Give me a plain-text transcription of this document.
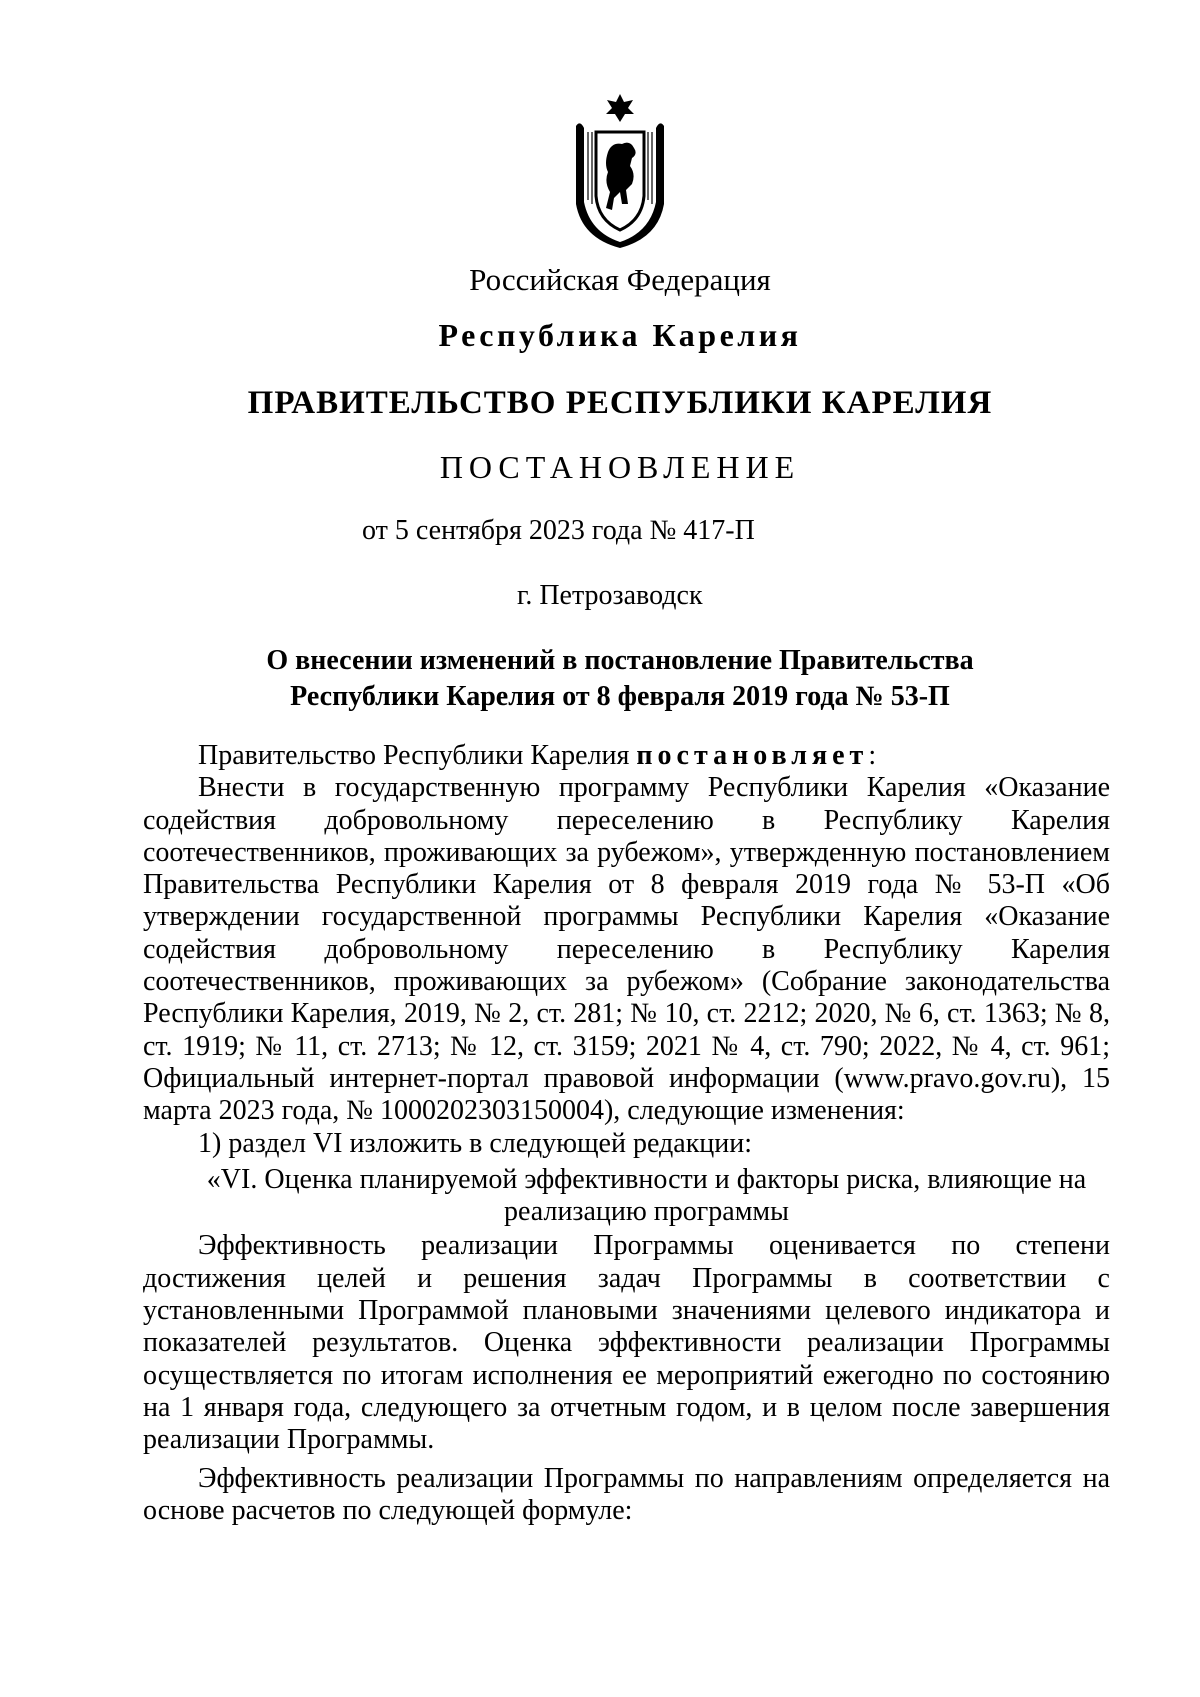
Российская Федерация
Республика Карелия
ПРАВИТЕЛЬСТВО РЕСПУБЛИКИ КАРЕЛИЯ
ПОСТАНОВЛЕНИЕ
от 5 сентября 2023 года № 417-П
г. Петрозаводск
О внесении изменений в постановление Правительства
Республики Карелия от 8 февраля 2019 года № 53-П

Правительство Республики Карелия постановляет:

Внести в государственную программу Республики Карелия «Оказание содействия добровольному переселению в Республику Карелия соотечественников, проживающих за рубежом», утвержденную постановлением Правительства Республики Карелия от 8 февраля 2019 года № 53-П «Об утверждении государственной программы Республики Карелия «Оказание содействия добровольному переселению в Республику Карелия соотечественников, проживающих за рубежом» (Собрание законодательства Республики Карелия, 2019, № 2, ст. 281; № 10, ст. 2212; 2020, № 6, ст. 1363; № 8, ст. 1919; № 11, ст. 2713; № 12, ст. 3159; 2021 № 4, ст. 790; 2022, № 4, ст. 961; Официальный интернет-портал правовой информации (www.pravo.gov.ru), 15 марта 2023 года, № 1000202303150004), следующие изменения:

1) раздел VI изложить в следующей редакции:

«VI. Оценка планируемой эффективности и факторы риска, влияющие на реализацию программы

Эффективность реализации Программы оценивается по степени достижения целей и решения задач Программы в соответствии с установленными Программой плановыми значениями целевого индикатора и показателей результатов. Оценка эффективности реализации Программы осуществляется по итогам исполнения ее мероприятий ежегодно по состоянию на 1 января года, следующего за отчетным годом, и в целом после завершения реализации Программы.

Эффективность реализации Программы по направлениям определяется на основе расчетов по следующей формуле:
